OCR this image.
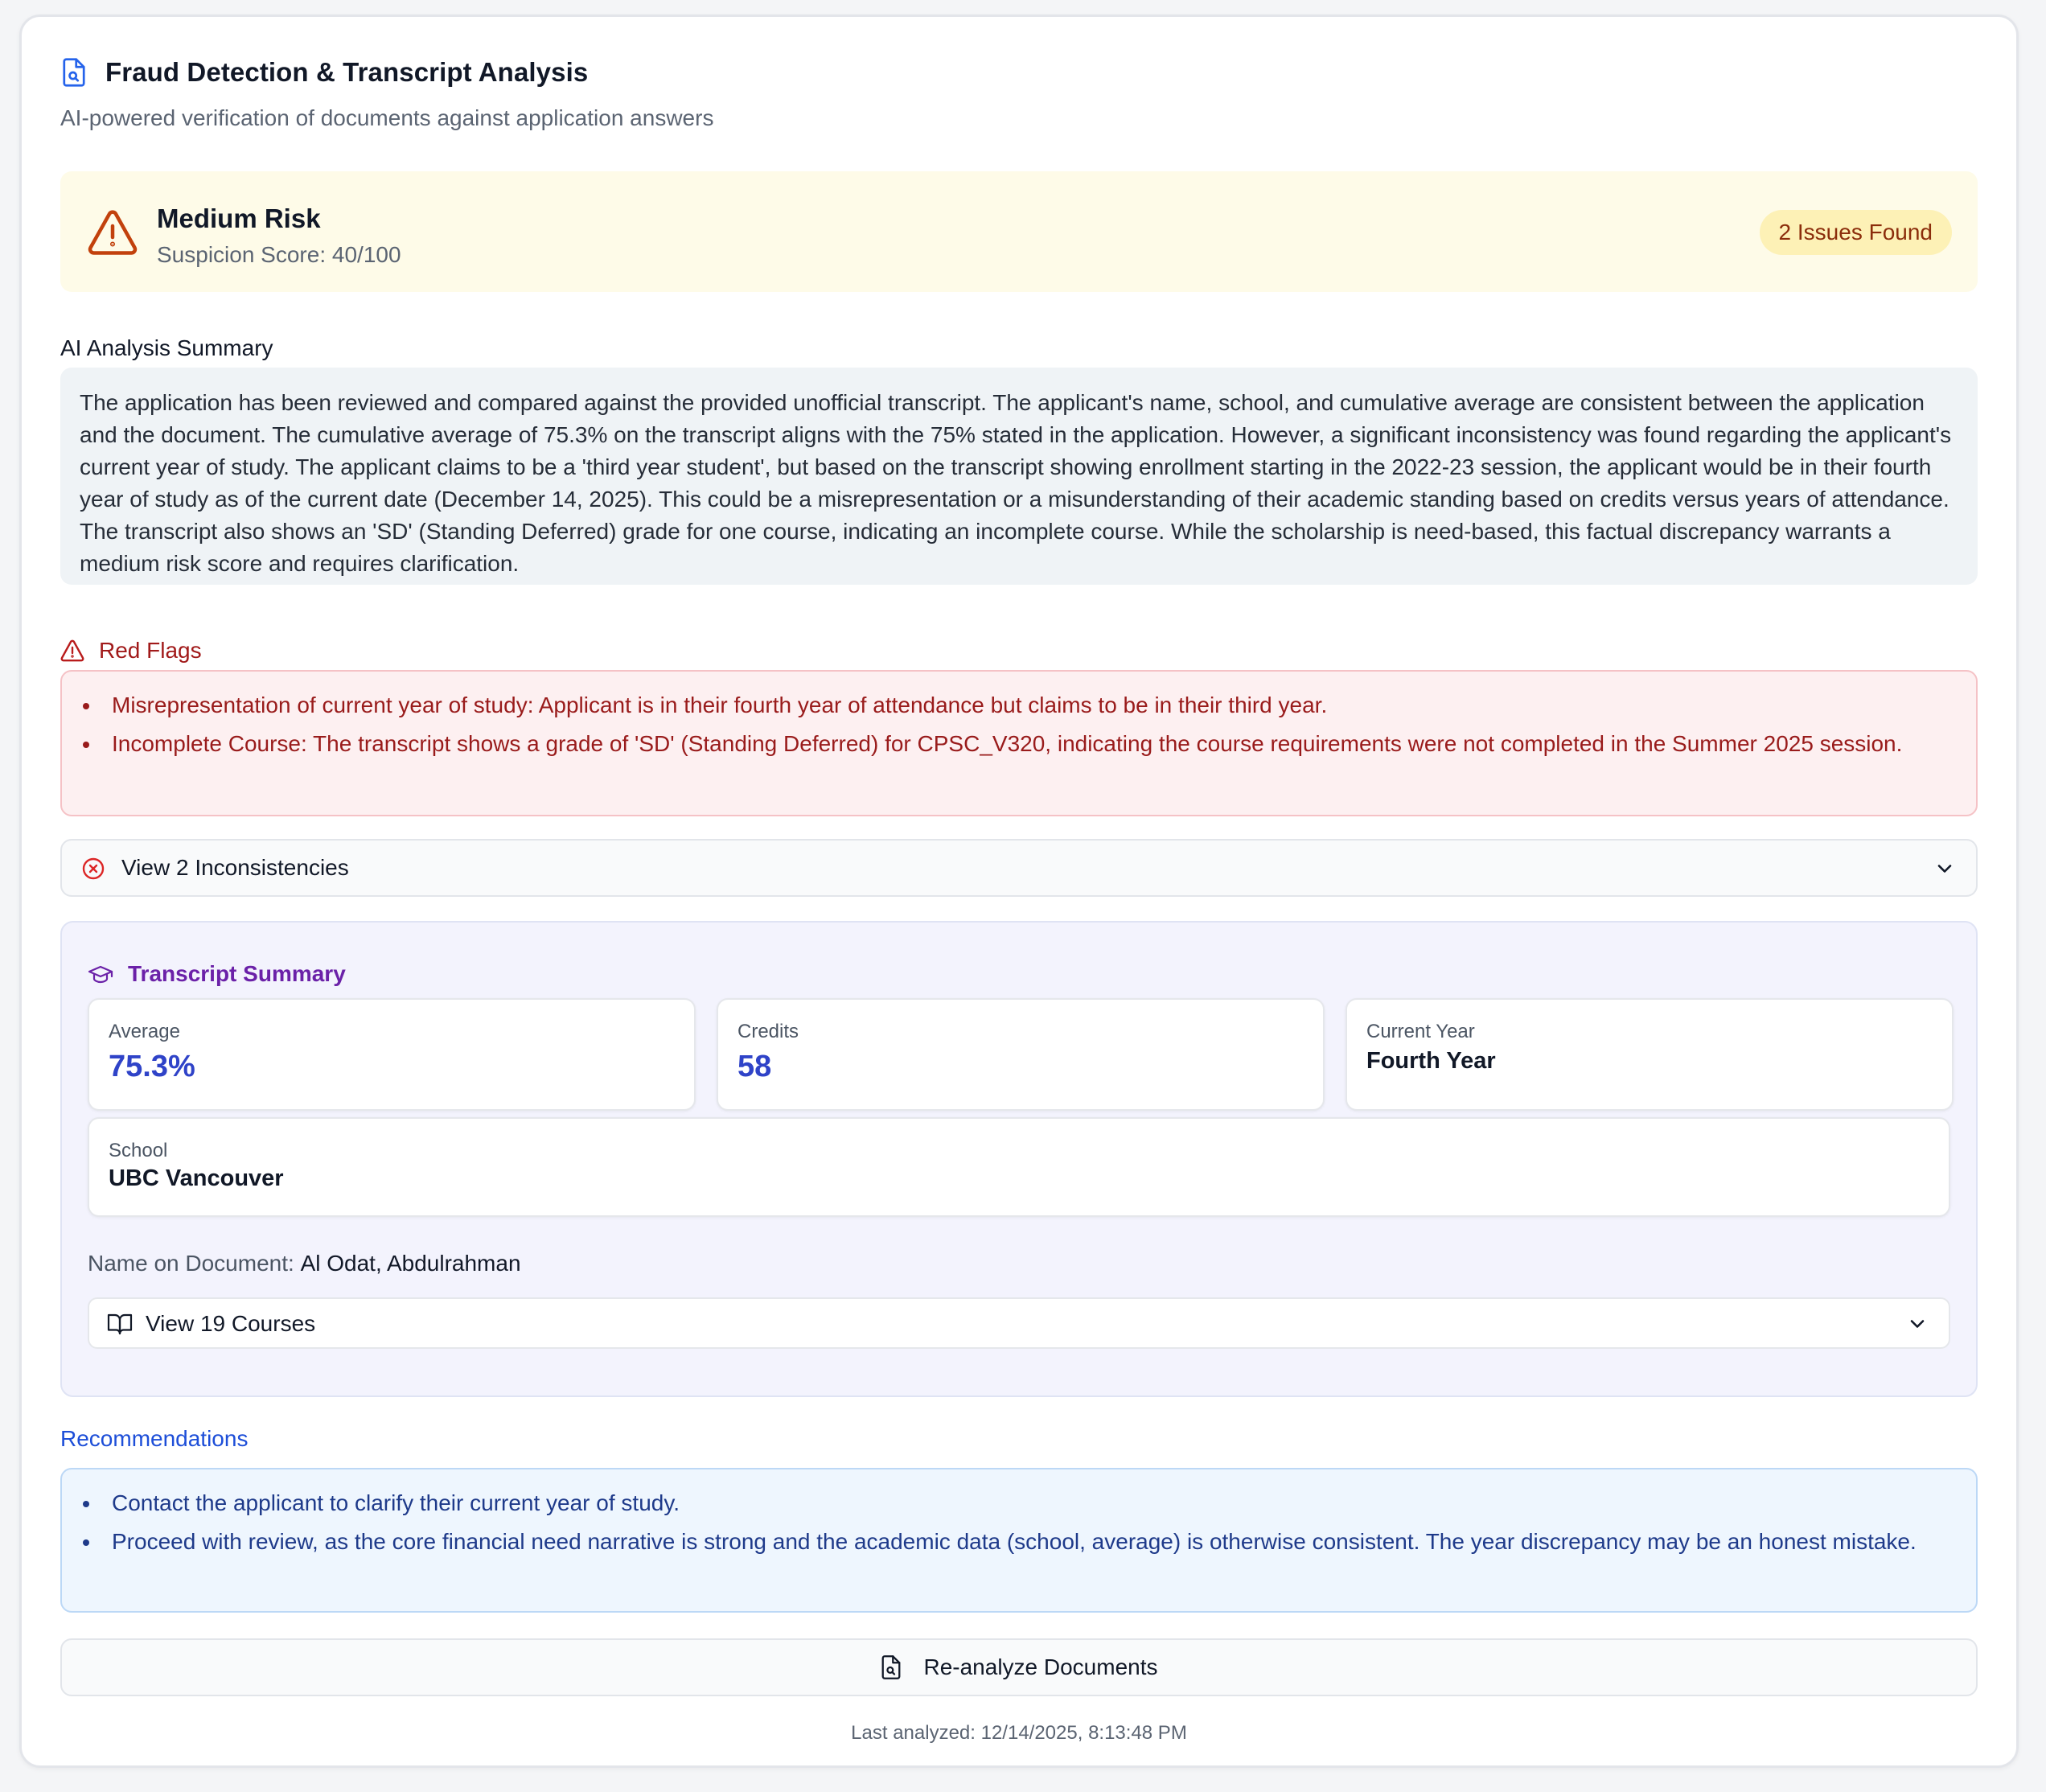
Fraud Detection & Transcript Analysis
AI-powered verification of documents against application answers
Medium Risk
Suspicion Score: 40/100
2 Issues Found
AI Analysis Summary
The application has been reviewed and compared against the provided unofficial transcript. The applicant's name, school, and cumulative average are consistent between the application and the document. The cumulative average of 75.3% on the transcript aligns with the 75% stated in the application. However, a significant inconsistency was found regarding the applicant's current year of study. The applicant claims to be a 'third year student', but based on the transcript showing enrollment starting in the 2022-23 session, the applicant would be in their fourth year of study as of the current date (December 14, 2025). This could be a misrepresentation or a misunderstanding of their academic standing based on credits versus years of attendance. The transcript also shows an 'SD' (Standing Deferred) grade for one course, indicating an incomplete course. While the scholarship is need-based, this factual discrepancy warrants a medium risk score and requires clarification.
Red Flags
Misrepresentation of current year of study: Applicant is in their fourth year of attendance but claims to be in their third year.
Incomplete Course: The transcript shows a grade of 'SD' (Standing Deferred) for CPSC_V320, indicating the course requirements were not completed in the Summer 2025 session.
View 2 Inconsistencies
Transcript Summary
Average
75.3%
Credits
58
Current Year
Fourth Year
School
UBC Vancouver
Name on Document: Al Odat, Abdulrahman
View 19 Courses
Recommendations
Contact the applicant to clarify their current year of study.
Proceed with review, as the core financial need narrative is strong and the academic data (school, average) is otherwise consistent. The year discrepancy may be an honest mistake.
Re-analyze Documents
Last analyzed: 12/14/2025, 8:13:48 PM
